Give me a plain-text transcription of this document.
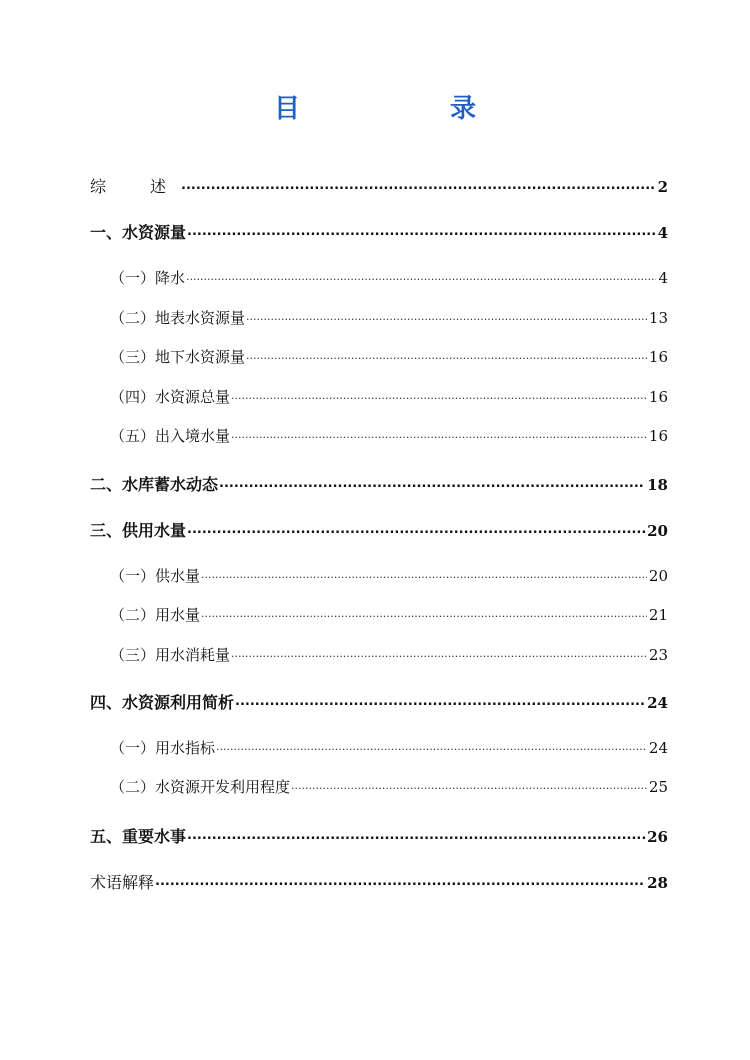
目　录
综　述 .....	2
一、水资源量 .....	4
（一）降水 .....	4
（二）地表水资源量 .....	13
（三）地下水资源量 .....	16
（四）水资源总量 .....	16
（五）出入境水量 .....	16
二、水库蓄水动态 .....	18
三、供用水量 .....	20
（一）供水量 .....	20
（二）用水量 .....	21
（三）用水消耗量 .....	23
四、水资源利用简析 .....	24
（一）用水指标 .....	24
（二）水资源开发利用程度 .....	25
五、重要水事 .....	26
术语解释 .....	28
